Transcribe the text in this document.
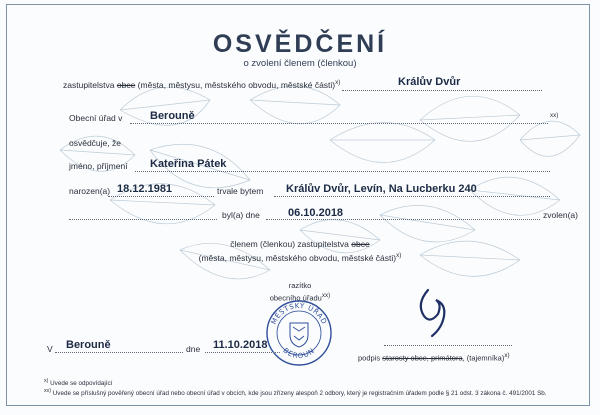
OSVĚDČENÍ
o zvolení členem (členkou)
zastupitelstva obce (města, městysu, městského obvodu, městské části)$^{x)}$	Králův Dvůr
Obecní úřad v	Berouně	xx)
osvědčuje, že
jméno, příjmení Kateřina Pátek
narozen(a) 18.12.1981	trvale bytem Králův Dvůr, Levín, Na Lucberku 240
byl(a) dne	06.10.2018	zvolen(a)
členem (členkou) zastupitelstva obce
(města, městysu, městského obvodu, městské části)$^{x)}$
razítko
obecního úřadu$^{xx)}$
MĚSTSKÝ ÚŘAD
BEROUN
V Berouně	dne 11.10.2018
podpis starosty obce, primátora, (tajemníka)$^{x)}$
$^{x)}$ Uvede se odpovídající
$^{xx)}$ Uvede se příslušný pověřený obecní úřad nebo obecní úřad v obcích, kde jsou zřízeny alespoň 2 odbory, který je registračním úřadem podle § 21 odst. 3 zákona č. 491/2001 Sb.
